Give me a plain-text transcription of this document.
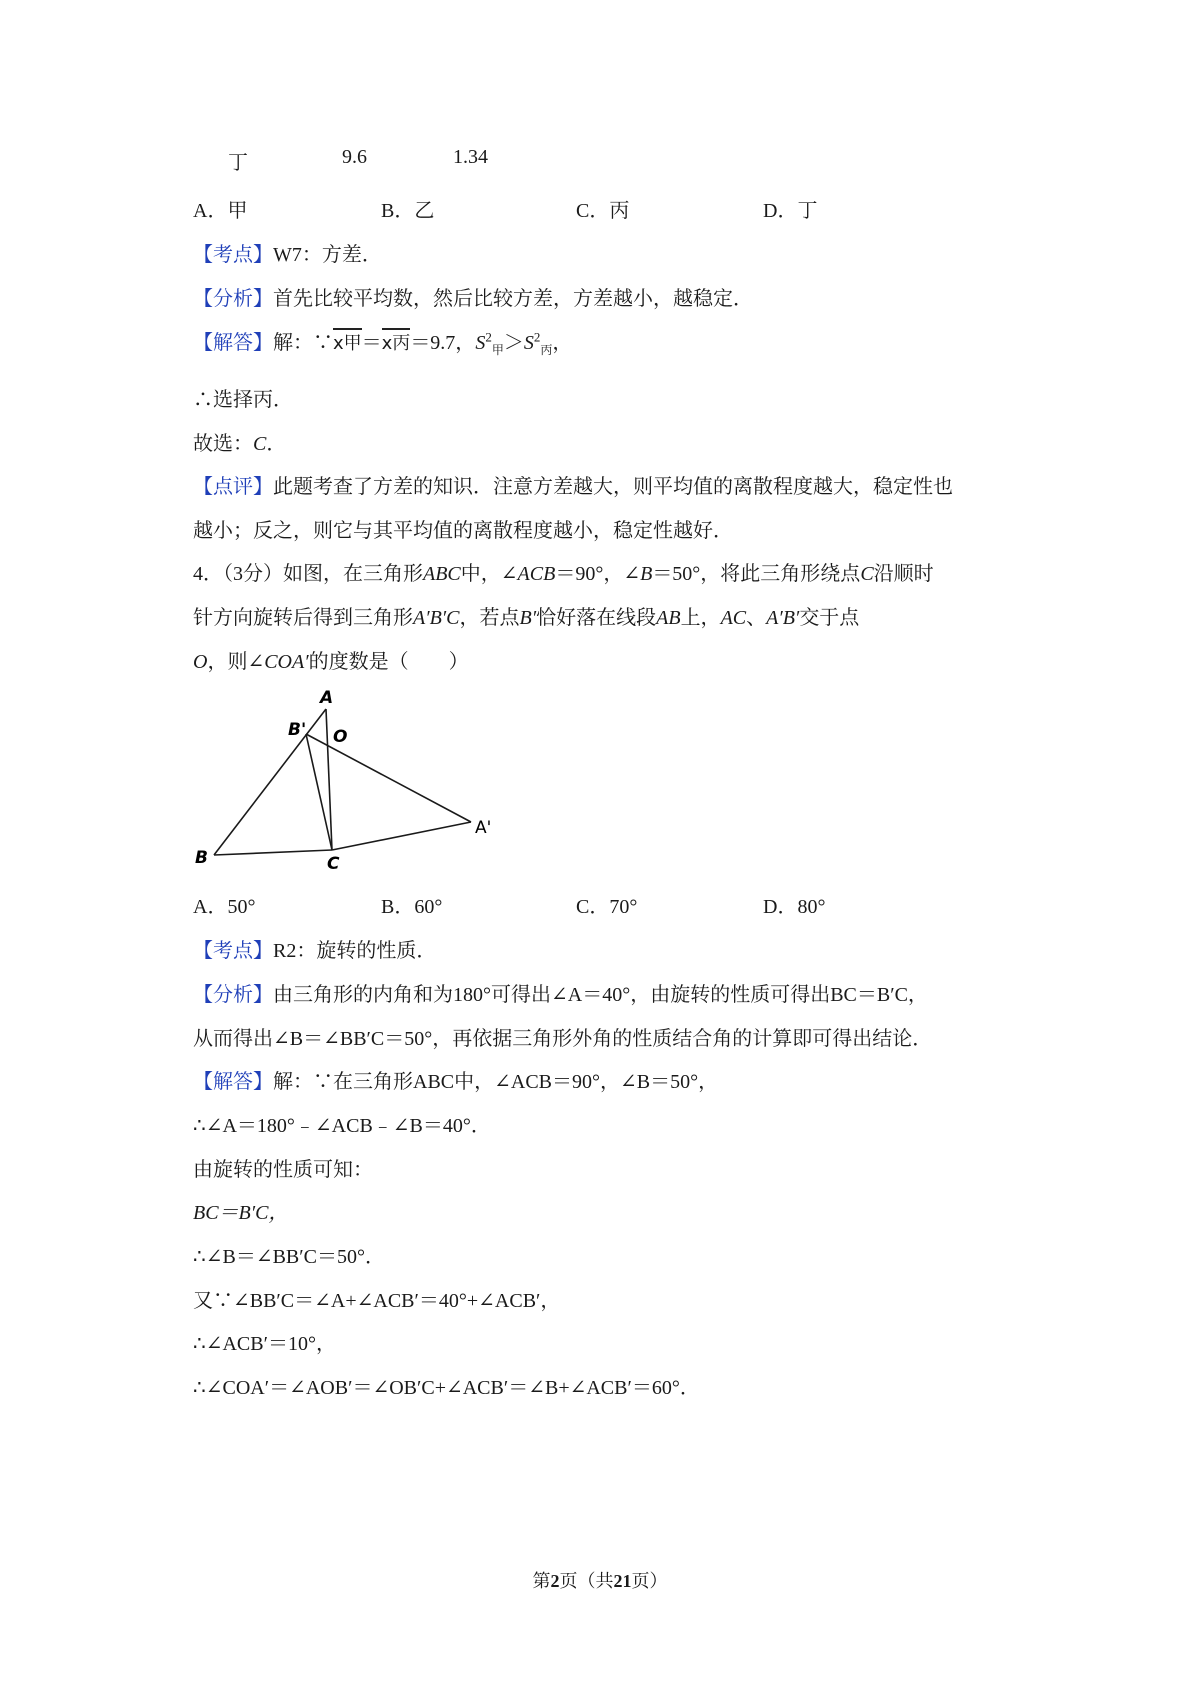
丁	9.6	1.34
A．甲	B．乙	C．丙	D．丁
【考点】W7：方差．
【分析】首先比较平均数，然后比较方差，方差越小，越稳定．
【解答】解：∵x甲＝x丙＝9.7，$S^2_甲>S^2_丙$，
∴选择丙．
故选：C．
【点评】此题考查了方差的知识．注意方差越大，则平均值的离散程度越大，稳定性也
越小；反之，则它与其平均值的离散程度越小，稳定性越好．
4．（3分）如图，在三角形ABC中，∠ACB＝90°，∠B＝50°，将此三角形绕点C沿顺时
针方向旋转后得到三角形A′B′C，若点B′恰好落在线段AB上，AC、A′B′交于点
O，则∠COA′的度数是（　　）
A
B' O
A'
B	C
A．50°	B．60°	C．70°	D．80°
【考点】R2：旋转的性质．
【分析】由三角形的内角和为180°可得出∠A＝40°，由旋转的性质可得出BC＝B′C，
从而得出∠B＝∠BB′C＝50°，再依据三角形外角的性质结合角的计算即可得出结论．
【解答】解：∵在三角形ABC中，∠ACB＝90°，∠B＝50°，
∴∠A＝180°﹣∠ACB﹣∠B＝40°．
由旋转的性质可知：
BC＝B′C，
∴∠B＝∠BB′C＝50°．
又∵∠BB′C＝∠A+∠ACB′＝40°+∠ACB′，
∴∠ACB′＝10°，
∴∠COA′＝∠AOB′＝∠OB′C+∠ACB′＝∠B+∠ACB′＝60°．
第2页（共21页）
